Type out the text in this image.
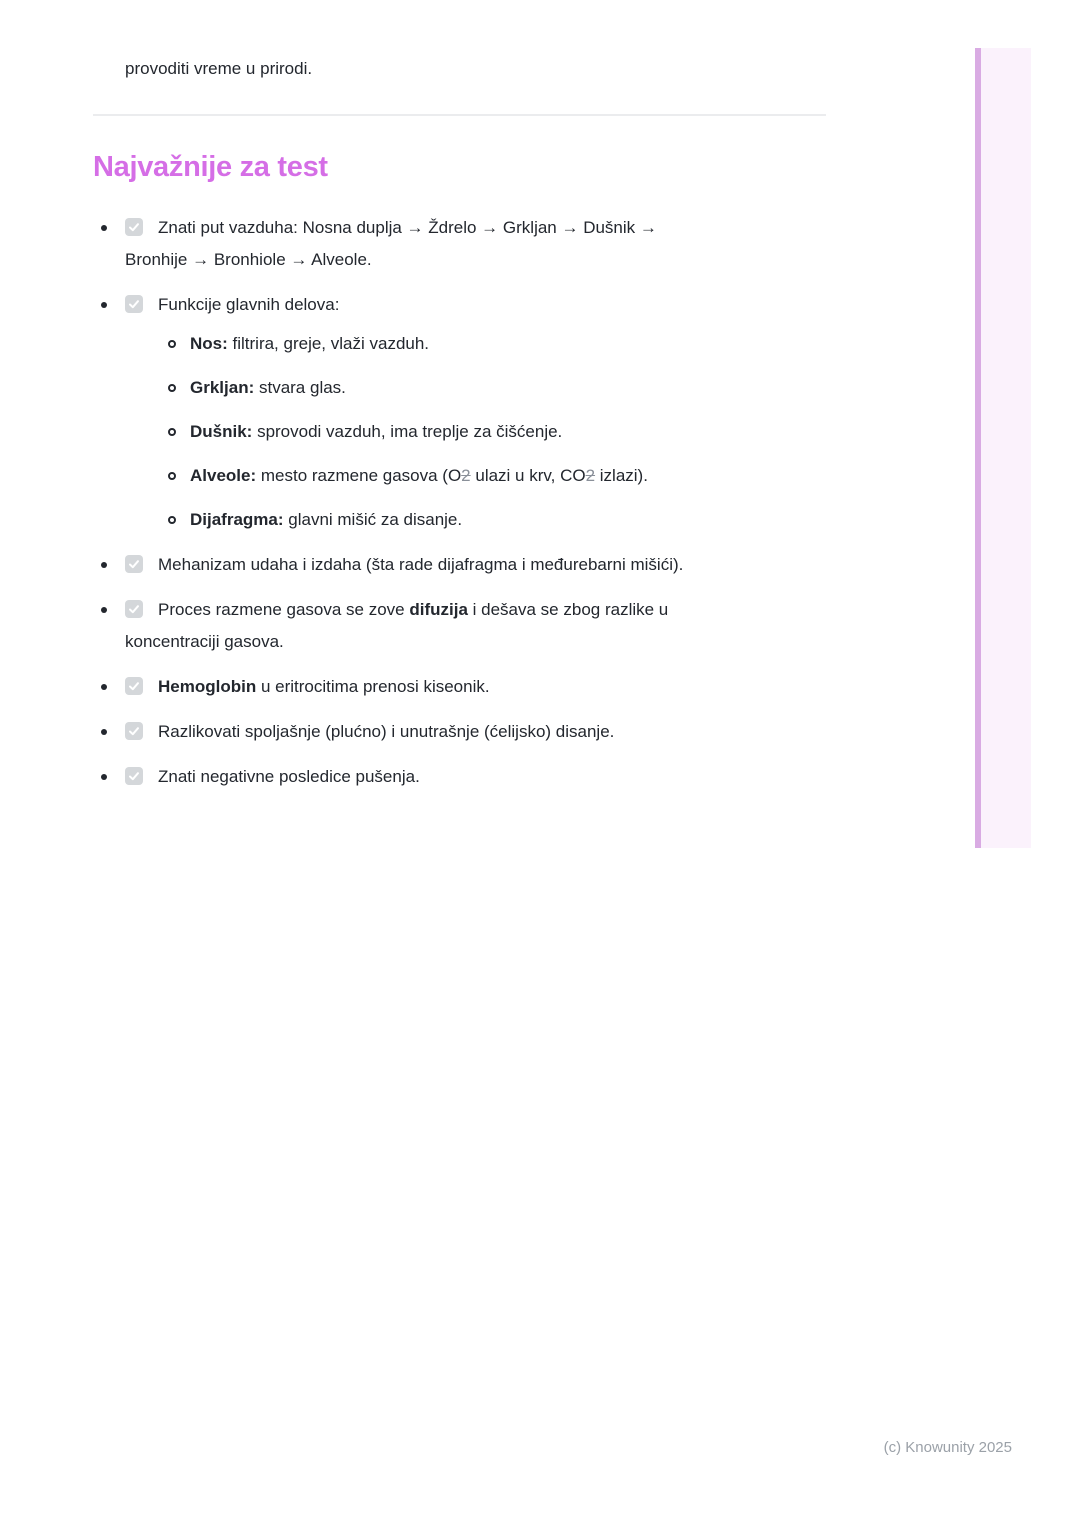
provoditi vreme u prirodi.

Najvažnije za test

Znati put vazduha: Nosna duplja → Ždrelo → Grkljan → Dušnik →
Bronhije → Bronhiole → Alveole.

Funkcije glavnih delova:

Nos: filtrira, greje, vlaži vazduh.

Grkljan: stvara glas.

Dušnik: sprovodi vazduh, ima treplje za čišćenje.

Alveole: mesto razmene gasova (O2 ulazi u krv, CO2 izlazi).

Dijafragma: glavni mišić za disanje.

Mehanizam udaha i izdaha (šta rade dijafragma i međurebarni mišići).

Proces razmene gasova se zove difuzija i dešava se zbog razlike u
koncentraciji gasova.

Hemoglobin u eritrocitima prenosi kiseonik.

Razlikovati spoljašnje (plućno) i unutrašnje (ćelijsko) disanje.

Znati negativne posledice pušenja.

(c) Knowunity 2025
